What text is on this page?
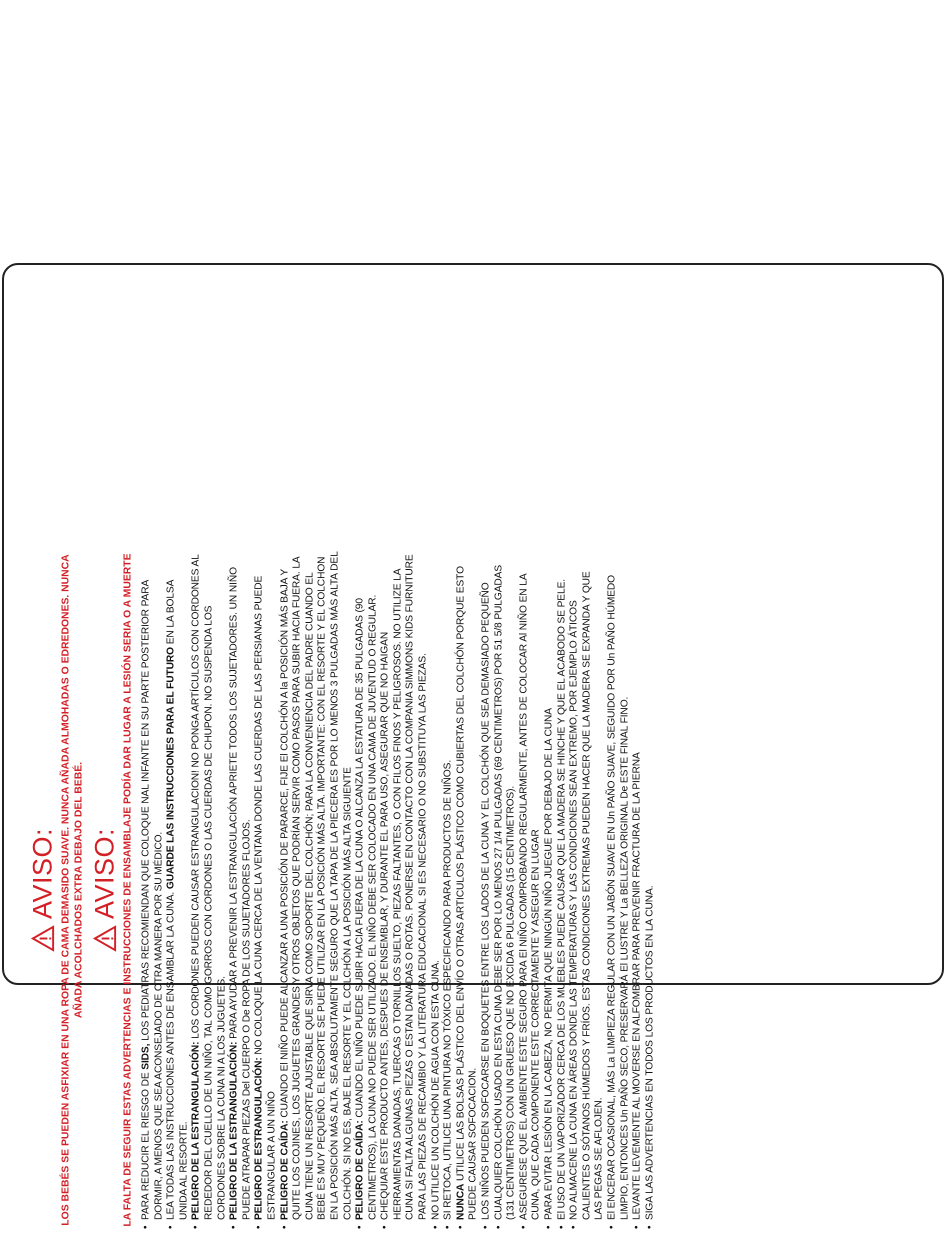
AVISO: LOS BEBÉS SE PUEDEN ASFIXIAR EN UNA ROPA DE CAMA DEMASIDO SUAVE. NUNCA AÑADA ALMOHADAS O EDREDONES. NUNCA AÑADA ACOLCHADOS EXTRA DEBAJO DEL BEBÉ. AVISO: LA FALTA DE SEGUIR ESTAS ADVERTENCIAS E INSTRUCCIONES DE ENSAMBLAJE PODÍA DAR LUGAR A LESIÓN SERIA O A MUERTE • PARA REDUCIR EL RIESGO DE SIDS, LOS PEDIATRAS RECOMIENDAN QUE COLOQUE NAL INFANTE EN SU PARTE POSTERIOR PARA DORMIR, A MENOS QUE SEA ACONSEJADO DE OTRA MANERA POR SU MÉDICO. • LEA TODAS LAS INSTRUCCIONES ANTES DE ENSAMBLAR LA CUNA. GUARDE LAS INSTRUCCIONES PARA EL FUTURO EN LA BOLSA UNIDA AL RESORTE. • PELIGRO DE LA ESTRANGULACIÓN: LOS CORDONES PUEDEN CAUSAR ESTRANGULACION! NO PONGA ARTÍCULOS CON CORDONES AL REDEDOR DEL CUELLO DE UN NIÑO, TAL COMO GORROS CON CORDONES O LAS CUERDAS DE CHUPON. NO SUSPENDA LOS CORDONES SOBRE LA CUNA NI A LOS JUGUETES. • PELIGRO DE LA ESTRANGULACIÓN: PARA AYUDAR A PREVENIR LA ESTRANGULACIÓN APRIETE TODOS LOS SUJETADORES. UN NIÑO PUEDE ATRAPAR PIEZAS Del CUERPO O De ROPA DE LOS SUJETADORES FLOJOS. • PELIGRO DE ESTRANGULACIÓN: NO COLOQUE LA CUNA CERCA DE LA VENTANA DONDE LAS CUERDAS DE LAS PERSIANAS PUEDE ESTRANGULAR A UN NIÑO • PELIGRO DE CAÍDA: CUANDO El NIÑO PUEDE ALCANZAR A UNA POSICIÓN DE PARARCE, FIJE El COLCHÓN A la POSICIÓN MÁS BAJA Y QUITE LOS COJINES, LOS JUGUETES GRANDES Y OTROS OBJETOS QUE PODRÍAN SERVIR COMO PASOS PARA SUBIR HACIA FUERA. LA CUNA TIENE UN RESORTE AJUSTABLE QUE SIRVA COMO SOPORTE DEL COLCHÓN; PARA LA CONVENIENCIA DEL PADRE CUANDO EL BEBÉ ES MUY PEQUEÑO. EL RESORTE SE PUEDE UTILIZAR EN LA POSICIÓN MÁS ALTA. IMPORTANTE: CON EL RESORTE Y EL COLCHON EN LA POSICIÓN MÁS ALTA, SEA ABSOLUTAMENTE SEGURO QUE LA TAPA DE LA PIECERA ES POR LO MENOS 3 PULGADAS MÁS ALTA DEL COLCHÓN. SI NO ES, BAJE EL RESORTE Y EL COLCHÓN A LA POSICIÓN MÁS ALTA SIGUIENTE • PELIGRO DE CAÍDA: CUANDO EL NIÑO PUEDE SUBIR HACIA FUERA DE LA CUNA O ALCANZA LA ESTATURA DE 35 PULGADAS (90 CENTIMETROS), LA CUNA NO PUEDE SER UTILIZADO. EL NIÑO DEBE SER COLOCADO EN UNA CAMA DE JUVENTUD O REGULAR. • CHEQUIAR ESTE PRODUCTO ANTES, DESPUES DE ENSEMBLAR, Y DURANTE EL PARA USO, ASEGURAR QUE NO HAIGAN HERRAMIENTAS DANADAS, TUERCAS O TORNILLOS SUELTO, PIEZAS FALTANTES, O CON FILOS FINOS Y PELIGROSOS. NO UTILIZE LA CUNA SI FALTA ALGUNAS PIEZAS O ESTAN DANADAS O ROTAS. PONERSE EN CONTACTO CON LA COMPANIA SIMMONS KIDS FURNITURE PARA LAS PIEZAS DE RECAMBIO Y LA LITERATURA EDUCACIONAL SI ES NECESARIO O NO SUBSTITUYA LAS PIEZAS. • NO UTILICE UN COLCHÓN DE AGUA CON ESTA CUNA. • SI RETOCA, UTILICE UNA PINTURA NO TÓXICO ESPECIFICANDO PARA PRODUCTOS DE NIÑOS. • NUNCA UTILICE LAS BOLSAS PLÁSTICO DEL ENVÍO O OTRAS ARTICULOS PLÁSTICO COMO CUBIERTAS DEL COLCHÓN PORQUE ESTO PUEDE CAUSAR SOFOCACION. • LOS NIÑOS PUEDEN SOFOCARSE EN BOQUETES ENTRE LOS LADOS DE LA CUNA Y EL COLCHÓN QUE SEA DEMASIADO PEQUEÑO • CUALQUIER COLCHÓN USADO EN ESTA CUNA DEBE SER POR LO MENOS 27 1/4 PULGADAS (69 CENTIMETROS) POR 51 5/8 PULGADAS (131 CENTIMETROS) CON UN GRUESO QUE NO EXCIDA 6 PULGADAS (15 CENTIMETROS). • ASEGURESE QUE EL AMBIENTE ESTE SEGURO PARA El NIÑO COMPROBANDO REGULARMENTE, ANTES DE COLOCAR Al NIÑO EN LA CUNA, QUE CADA COMPONENTE ESTE CORRECTAMENTE Y ASEGUR EN LUGAR • PARA EVITAR LESIÓN EN LA CABEZA, NO PERMITA QUE NINGÚN NIÑO JUEGUE POR DEBAJO DE LA CUNA • El USO DE UN VAPORIZADOR CERCA DE LOS MUEBLES PUEDE CAUSAR QUE LA MADERA SE HINCHE Y QUE EL ACABODO SE PELE. • NO ALMACENE LA CUNA EN ÁREAS DONDE LAS TEMPERATURAS Y LAS CONDICIONES SEAN EXTREMO, POR EJEMPLO ÁTICOS CALIENTES O SÓTANOS HÚMEDOS Y FRÍOS. ESTAS CONDICIONES EXTREMAS PUEDEN HACER QUE LA MADERA SE EXPANDA Y QUE LAS PEGAS SE AFLOJEN. • El ENCERAR OCASIONAL, MÁS La LIMPIEZA REGULAR CON UN JABÓN SUAVE EN Un PAÑO SUAVE, SEGUIDO POR Un PAÑO HÚMEDO LIMPIO, ENTONCES Un PAÑO SECO, PRESERVARÁ El LUSTRE Y La BELLEZA ORIGINAL De ESTE FINAL FINO. • LEVANTE LEVEMENTE AL MOVERSE EN ALFOMBRAR PARA PREVENIR FRACTURA DE LA PIERNA • SIGA LAS ADVERTENCIAS EN TODOS LOS PRODUCTOS EN LA CUNA.
